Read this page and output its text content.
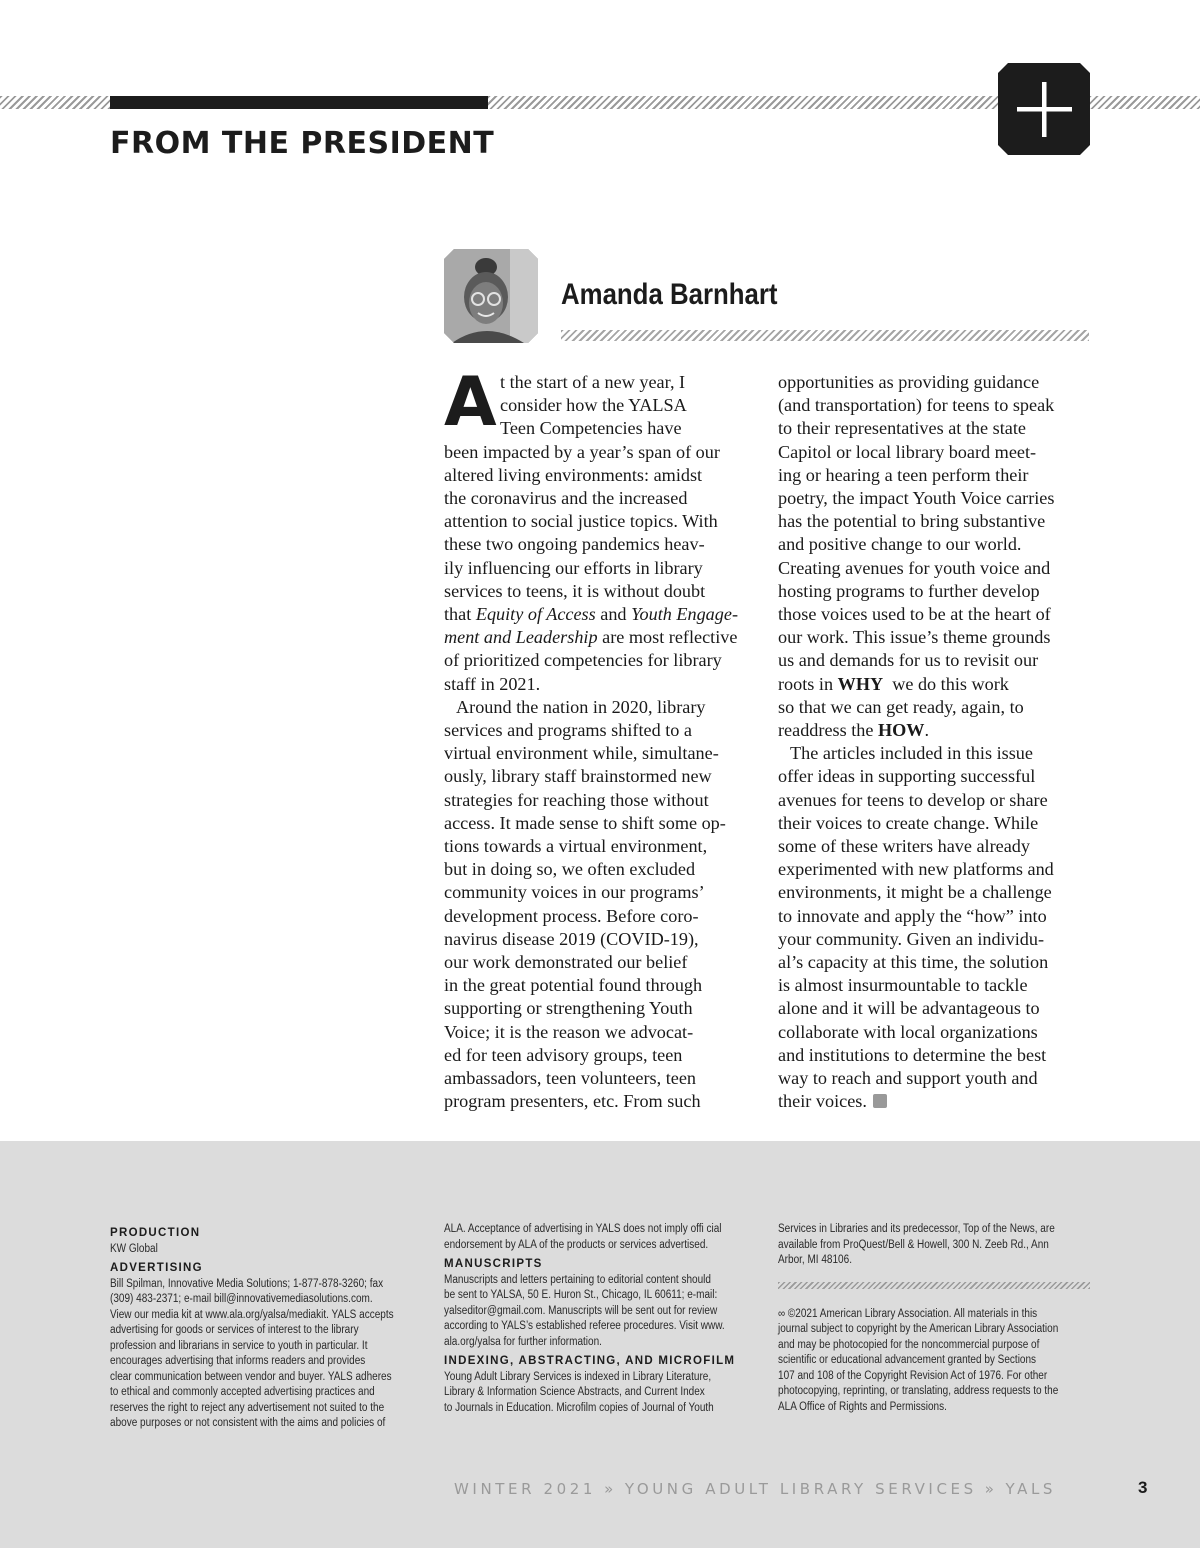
FROM THE PRESIDENT
Amanda Barnhart
A t the start of a new year, I
consider how the YALSA
Teen Competencies have
been impacted by a year’s span of our
altered living environments: amidst
the coronavirus and the increased
attention to social justice topics. With
these two ongoing pandemics heav-
ily influencing our efforts in library
services to teens, it is without doubt
that Equity of Access and Youth Engage-
ment and Leadership are most reflective
of prioritized competencies for library
staff in 2021.
Around the nation in 2020, library
services and programs shifted to a
virtual environment while, simultane-
ously, library staff brainstormed new
strategies for reaching those without
access. It made sense to shift some op-
tions towards a virtual environment,
but in doing so, we often excluded
community voices in our programs’
development process. Before coro-
navirus disease 2019 (COVID-19),
our work demonstrated our belief
in the great potential found through
supporting or strengthening Youth
Voice; it is the reason we advocat-
ed for teen advisory groups, teen
ambassadors, teen volunteers, teen
program presenters, etc. From such
opportunities as providing guidance
(and transportation) for teens to speak
to their representatives at the state
Capitol or local library board meet-
ing or hearing a teen perform their
poetry, the impact Youth Voice carries
has the potential to bring substantive
and positive change to our world.
Creating avenues for youth voice and
hosting programs to further develop
those voices used to be at the heart of
our work. This issue’s theme grounds
us and demands for us to revisit our
roots in WHY  we do this work
so that we can get ready, again, to
readdress the HOW.
The articles included in this issue
offer ideas in supporting successful
avenues for teens to develop or share
their voices to create change. While
some of these writers have already
experimented with new platforms and
environments, it might be a challenge
to innovate and apply the “how” into
your community. Given an individu-
al’s capacity at this time, the solution
is almost insurmountable to tackle
alone and it will be advantageous to
collaborate with local organizations
and institutions to determine the best
way to reach and support youth and
their voices.
PRODUCTION
KW Global
ADVERTISING
Bill Spilman, Innovative Media Solutions; 1-877-878-3260; fax
(309) 483-2371; e-mail bill@innovativemediasolutions.com.
View our media kit at www.ala.org/yalsa/mediakit. YALS accepts
advertising for goods or services of interest to the library
profession and librarians in service to youth in particular. It
encourages advertising that informs readers and provides
clear communication between vendor and buyer. YALS adheres
to ethical and commonly accepted advertising practices and
reserves the right to reject any advertisement not suited to the
above purposes or not consistent with the aims and policies of
ALA. Acceptance of advertising in YALS does not imply offi cial
endorsement by ALA of the products or services advertised.
MANUSCRIPTS
Manuscripts and letters pertaining to editorial content should
be sent to YALSA, 50 E. Huron St., Chicago, IL 60611; e-mail:
yalseditor@gmail.com. Manuscripts will be sent out for review
according to YALS’s established referee procedures. Visit www.
ala.org/yalsa for further information.
INDEXING, ABSTRACTING, AND MICROFILM
Young Adult Library Services is indexed in Library Literature,
Library & Information Science Abstracts, and Current Index
to Journals in Education. Microfilm copies of Journal of Youth
Services in Libraries and its predecessor, Top of the News, are
available from ProQuest/Bell & Howell, 300 N. Zeeb Rd., Ann
Arbor, MI 48106.
∞ ©2021 American Library Association. All materials in this
journal subject to copyright by the American Library Association
and may be photocopied for the noncommercial purpose of
scientific or educational advancement granted by Sections
107 and 108 of the Copyright Revision Act of 1976. For other
photocopying, reprinting, or translating, address requests to the
ALA Office of Rights and Permissions.
WINTER 2021 » YOUNG ADULT LIBRARY SERVICES » YALS	3
